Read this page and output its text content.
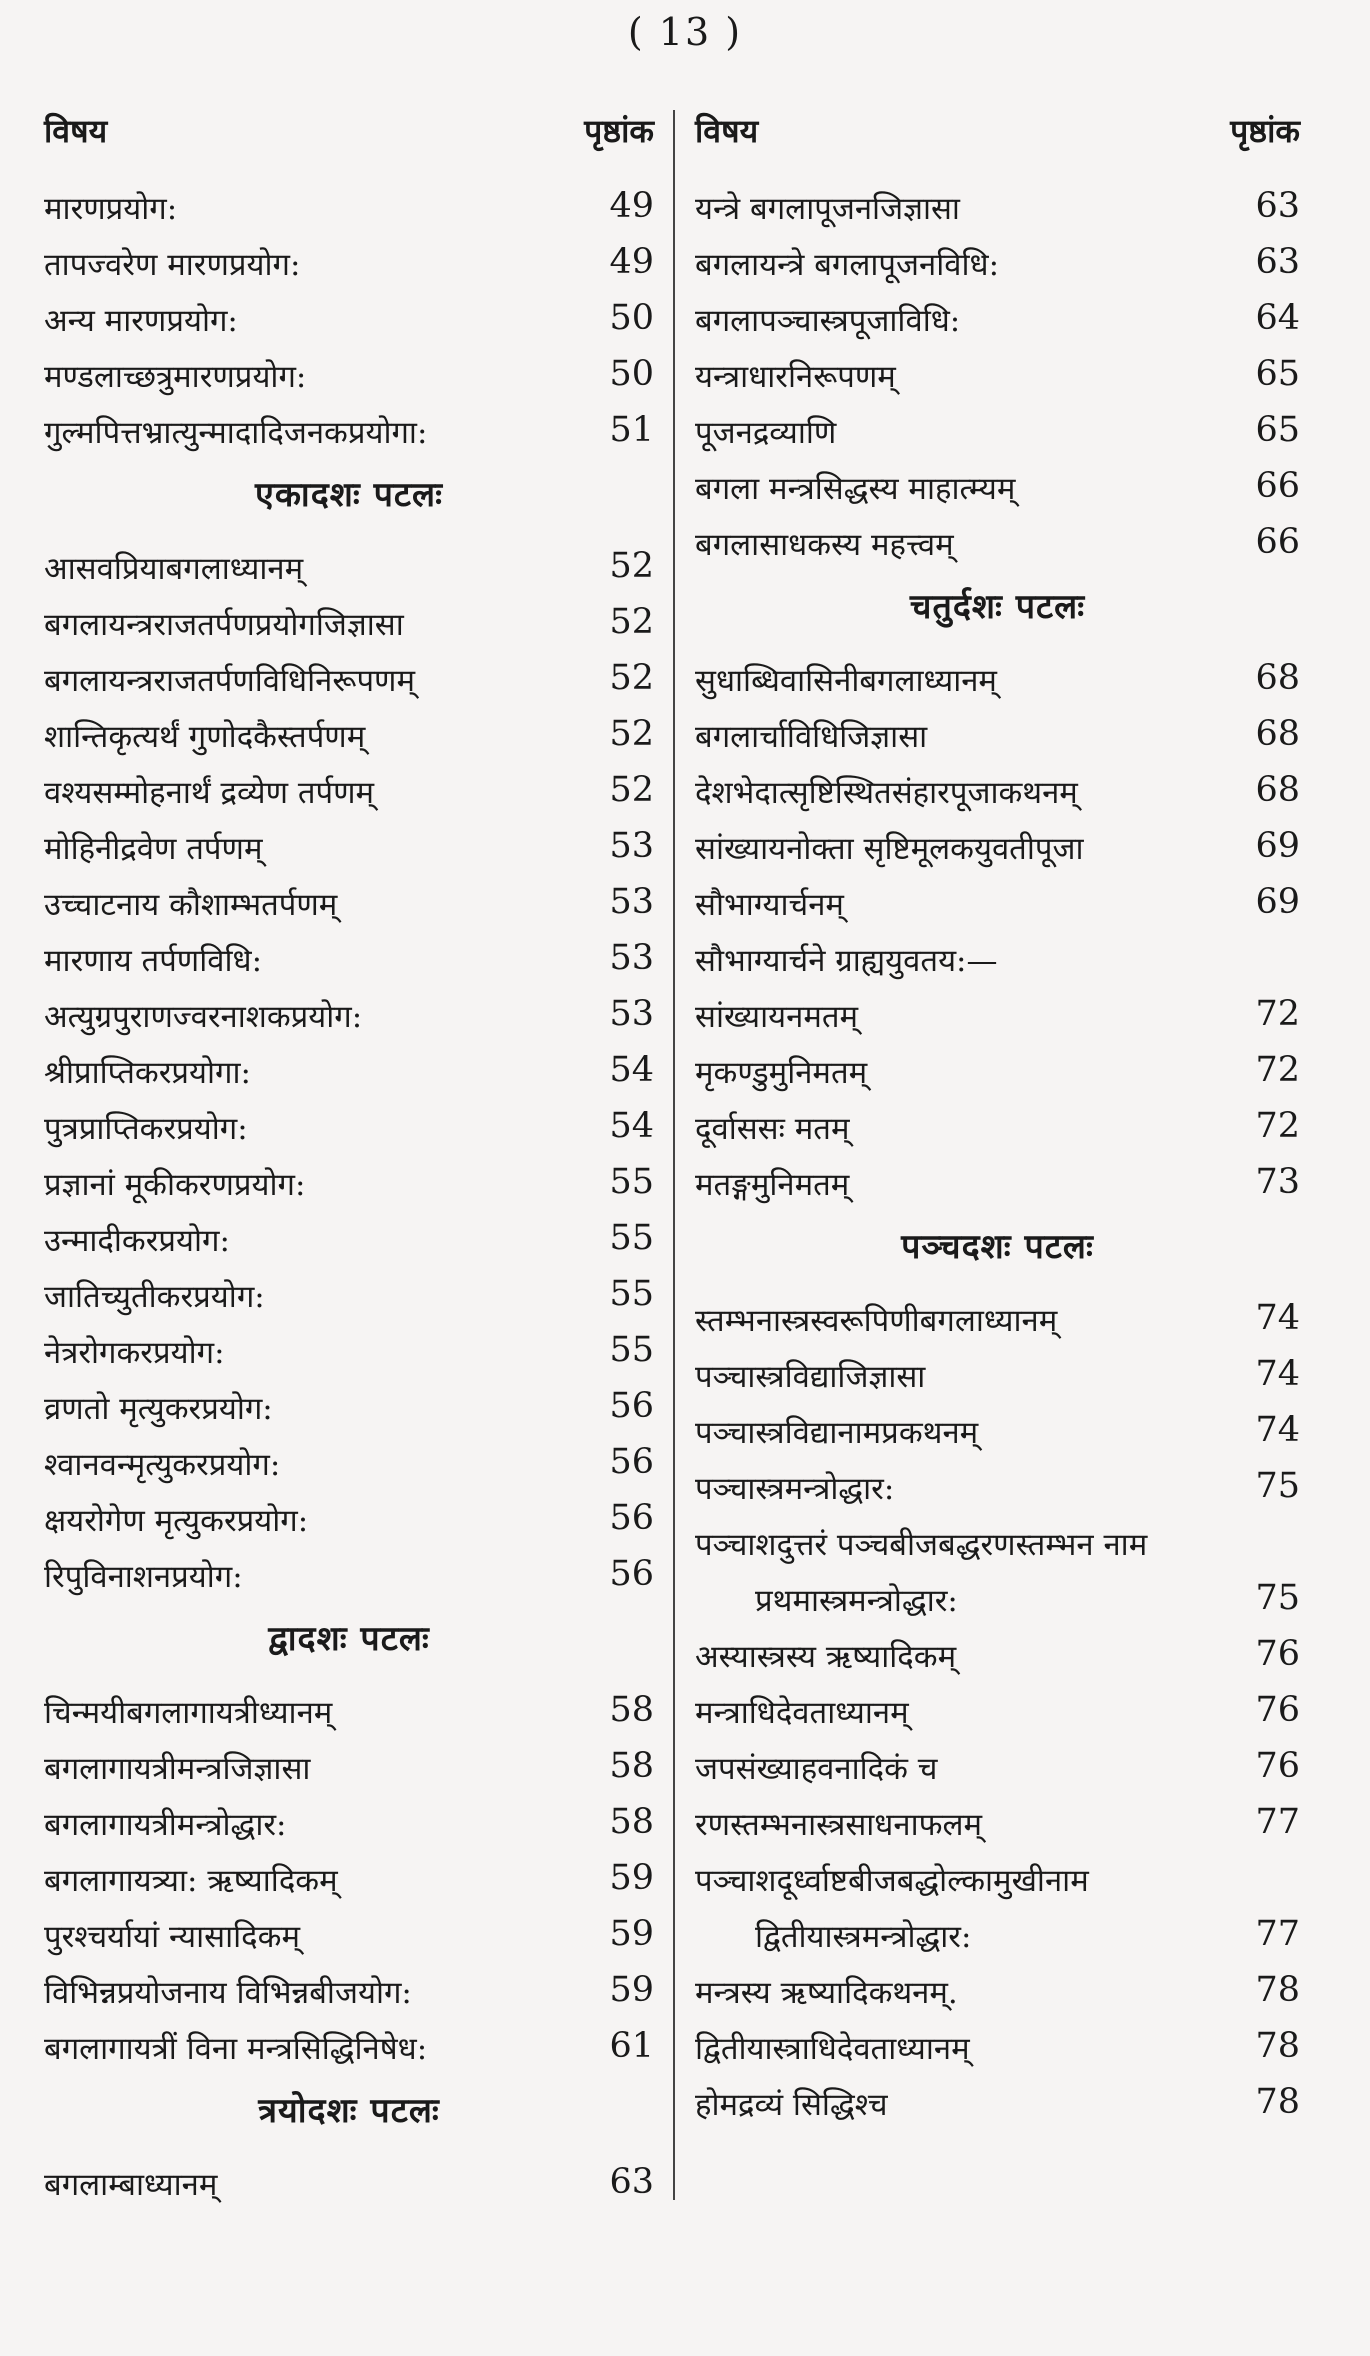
( 13 )
विषय	पृष्ठांक
मारणप्रयोग:	49
तापज्वरेण मारणप्रयोग:	49
अन्य मारणप्रयोग:	50
मण्डलाच्छत्रुमारणप्रयोग:	50
गुल्मपित्तभ्रात्युन्मादादिजनकप्रयोगा:	51
एकादशः पटलः
आसवप्रियाबगलाध्यानम्	52
बगलायन्त्रराजतर्पणप्रयोगजिज्ञासा	52
बगलायन्त्रराजतर्पणविधिनिरूपणम्	52
शान्तिकृत्यर्थं गुणोदकैस्तर्पणम्	52
वश्यसम्मोहनार्थं द्रव्येण तर्पणम्	52
मोहिनीद्रवेण तर्पणम्	53
उच्चाटनाय कौशाम्भतर्पणम्	53
मारणाय तर्पणविधि:	53
अत्युग्रपुराणज्वरनाशकप्रयोग:	53
श्रीप्राप्तिकरप्रयोगा:	54
पुत्रप्राप्तिकरप्रयोग:	54
प्रज्ञानां मूकीकरणप्रयोग:	55
उन्मादीकरप्रयोग:	55
जातिच्युतीकरप्रयोग:	55
नेत्ररोगकरप्रयोग:	55
व्रणतो मृत्युकरप्रयोग:	56
श्वानवन्मृत्युकरप्रयोग:	56
क्षयरोगेण मृत्युकरप्रयोग:	56
रिपुविनाशनप्रयोग:	56
द्वादशः पटलः
चिन्मयीबगलागायत्रीध्यानम्	58
बगलागायत्रीमन्त्रजिज्ञासा	58
बगलागायत्रीमन्त्रोद्धार:	58
बगलागायत्र्या: ऋष्यादिकम्	59
पुरश्चर्यायां न्यासादिकम्	59
विभिन्नप्रयोजनाय विभिन्नबीजयोग:	59
बगलागायत्रीं विना मन्त्रसिद्धिनिषेध:	61
त्रयोदशः पटलः
बगलाम्बाध्यानम्	63
विषय	पृष्ठांक
यन्त्रे बगलापूजनजिज्ञासा	63
बगलायन्त्रे बगलापूजनविधि:	63
बगलापञ्चास्त्रपूजाविधि:	64
यन्त्राधारनिरूपणम्	65
पूजनद्रव्याणि	65
बगला मन्त्रसिद्धस्य माहात्म्यम्	66
बगलासाधकस्य महत्त्वम्	66
चतुर्दशः पटलः
सुधाब्धिवासिनीबगलाध्यानम्	68
बगलार्चाविधिजिज्ञासा	68
देशभेदात्सृष्टिस्थितसंहारपूजाकथनम्	68
सांख्यायनोक्ता सृष्टिमूलकयुवतीपूजा	69
सौभाग्यार्चनम्	69
सौभाग्यार्चने ग्राह्ययुवतय:—
सांख्यायनमतम्	72
मृकण्डुमुनिमतम्	72
दूर्वाससः मतम्	72
मतङ्गमुनिमतम्	73
पञ्चदशः पटलः
स्तम्भनास्त्रस्वरूपिणीबगलाध्यानम्	74
पञ्चास्त्रविद्याजिज्ञासा	74
पञ्चास्त्रविद्यानामप्रकथनम्	74
पञ्चास्त्रमन्त्रोद्धार:	75
पञ्चाशदुत्तरं पञ्चबीजबद्धरणस्तम्भन नाम
प्रथमास्त्रमन्त्रोद्धार:	75
अस्यास्त्रस्य ऋष्यादिकम्	76
मन्त्राधिदेवताध्यानम्	76
जपसंख्याहवनादिकं च	76
रणस्तम्भनास्त्रसाधनाफलम्	77
पञ्चाशदूर्ध्वाष्टबीजबद्धोल्कामुखीनाम
द्वितीयास्त्रमन्त्रोद्धार:	77
मन्त्रस्य ऋष्यादिकथनम्.	78
द्वितीयास्त्राधिदेवताध्यानम्	78
होमद्रव्यं सिद्धिश्च	78
